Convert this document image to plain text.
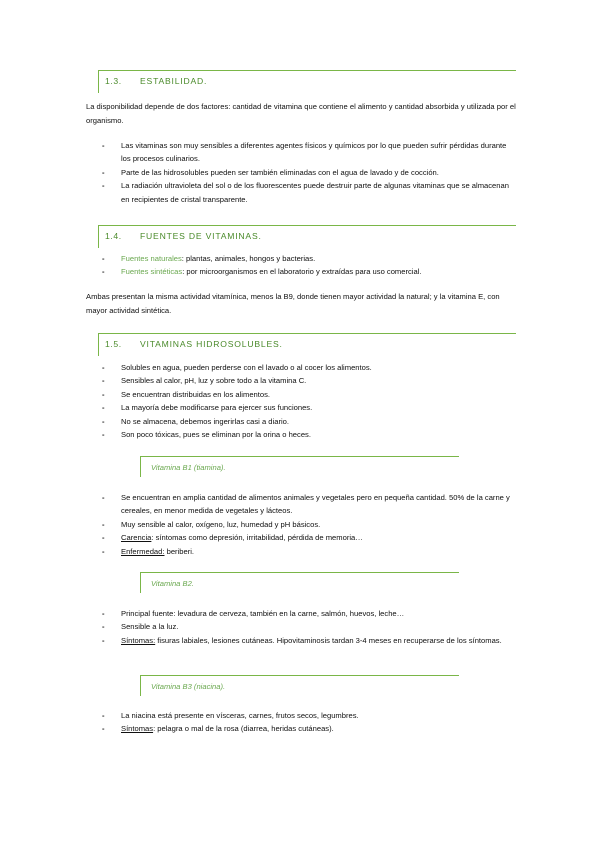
1.3. ESTABILIDAD.
La disponibilidad depende de dos factores: cantidad de vitamina que contiene el alimento y cantidad absorbida y utilizada por el organismo.
- Las vitaminas son muy sensibles a diferentes agentes físicos y químicos por lo que pueden sufrir pérdidas durante los procesos culinarios.
- Parte de las hidrosolubles pueden ser también eliminadas con el agua de lavado y de cocción.
- La radiación ultravioleta del sol o de los fluorescentes puede destruir parte de algunas vitaminas que se almacenan en recipientes de cristal transparente.
1.4. FUENTES DE VITAMINAS.
- Fuentes naturales: plantas, animales, hongos y bacterias.
- Fuentes sintéticas: por microorganismos en el laboratorio y extraídas para uso comercial.
Ambas presentan la misma actividad vitamínica, menos la B9, donde tienen mayor actividad la natural; y la vitamina E, con mayor actividad sintética.
1.5. VITAMINAS HIDROSOLUBLES.
- Solubles en agua, pueden perderse con el lavado o al cocer los alimentos.
- Sensibles al calor, pH, luz y sobre todo a la vitamina C.
- Se encuentran distribuidas en los alimentos.
- La mayoría debe modificarse para ejercer sus funciones.
- No se almacena, debemos ingerirlas casi a diario.
- Son poco tóxicas, pues se eliminan por la orina o heces.
Vitamina B1 (tiamina).
- Se encuentran en amplia cantidad de alimentos animales y vegetales pero en pequeña cantidad. 50% de la carne y cereales, en menor medida de vegetales y lácteos.
- Muy sensible al calor, oxígeno, luz, humedad y pH básicos.
- Carencia: síntomas como depresión, irritabilidad, pérdida de memoria…
- Enfermedad: beriberi.
Vitamina B2.
- Principal fuente: levadura de cerveza, también en la carne, salmón, huevos, leche…
- Sensible a la luz.
- Síntomas: fisuras labiales, lesiones cutáneas. Hipovitaminosis tardan 3-4 meses en recuperarse de los síntomas.
Vitamina B3 (niacina).
- La niacina está presente en vísceras, carnes, frutos secos, legumbres.
- Síntomas: pelagra o mal de la rosa (diarrea, heridas cutáneas).
